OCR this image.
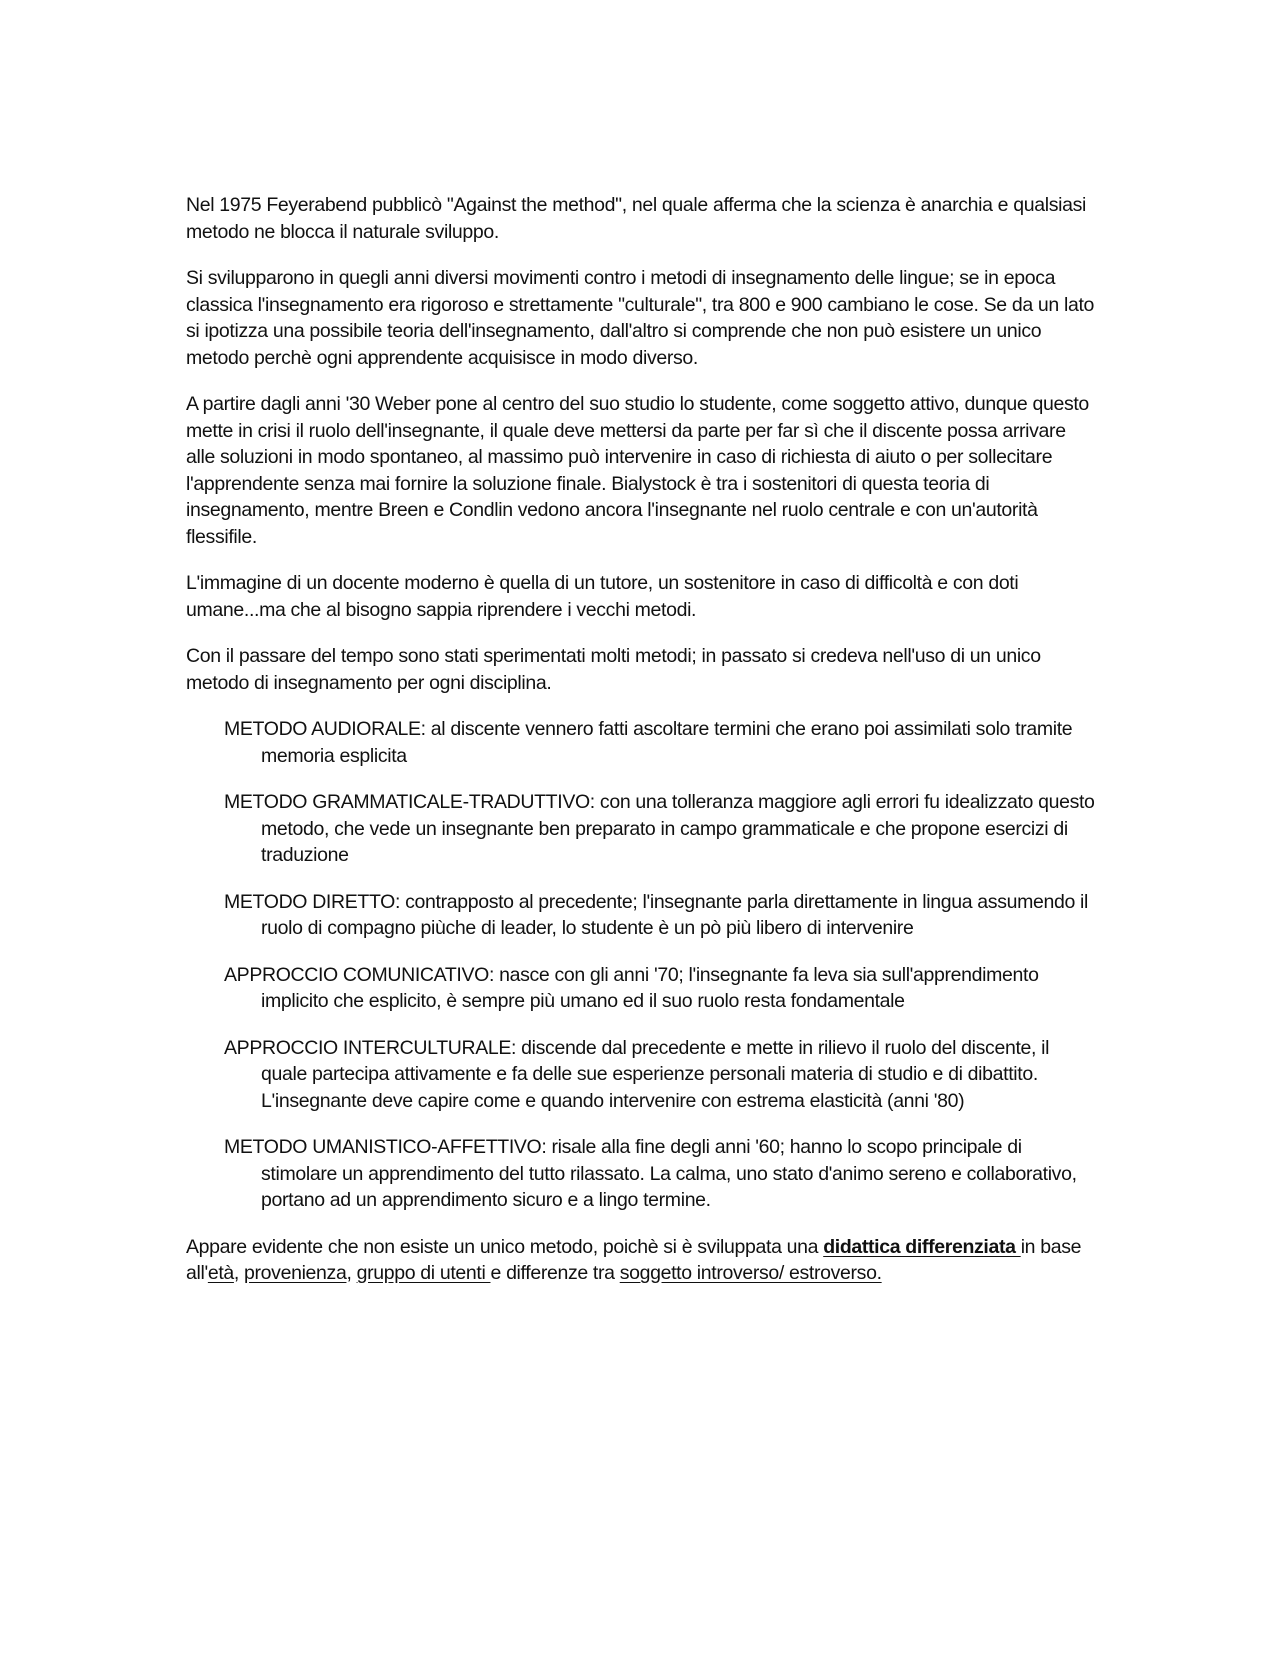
Nel 1975 Feyerabend pubblicò "Against the method", nel quale afferma che la scienza è anarchia e qualsiasi metodo ne blocca il naturale sviluppo.

Si svilupparono in quegli anni diversi movimenti contro i metodi di insegnamento delle lingue; se in epoca classica l'insegnamento era rigoroso e strettamente "culturale", tra 800 e 900 cambiano le cose. Se da un lato si ipotizza una possibile teoria dell'insegnamento, dall'altro si comprende che non può esistere un unico metodo perchè ogni apprendente acquisisce in modo diverso.

A partire dagli anni '30 Weber pone al centro del suo studio lo studente, come soggetto attivo, dunque questo mette in crisi il ruolo dell'insegnante, il quale deve mettersi da parte per far sì che il discente possa arrivare alle soluzioni in modo spontaneo, al massimo può intervenire in caso di richiesta di aiuto o per sollecitare l'apprendente senza mai fornire la soluzione finale. Bialystock è tra i sostenitori di questa teoria di insegnamento, mentre Breen e Condlin vedono ancora l'insegnante nel ruolo centrale e con un'autorità flessifile.

L'immagine di un docente moderno è quella di un tutore, un sostenitore in caso di difficoltà e con doti umane...ma che al bisogno sappia riprendere i vecchi metodi.

Con il passare del tempo sono stati sperimentati molti metodi; in passato si credeva nell'uso di un unico metodo di insegnamento per ogni disciplina.

METODO AUDIORALE: al discente vennero fatti ascoltare termini che erano poi assimilati solo tramite memoria esplicita

METODO GRAMMATICALE-TRADUTTIVO: con una tolleranza maggiore agli errori fu idealizzato questo metodo, che vede un insegnante ben preparato in campo grammaticale e che propone esercizi di traduzione

METODO DIRETTO: contrapposto al precedente; l'insegnante parla direttamente in lingua assumendo il ruolo di compagno piùche di leader, lo studente è un pò più libero di intervenire

APPROCCIO COMUNICATIVO: nasce con gli anni '70; l'insegnante fa leva sia sull'apprendimento implicito che esplicito, è sempre più umano ed il suo ruolo resta fondamentale

APPROCCIO INTERCULTURALE: discende dal precedente e mette in rilievo il ruolo del discente, il quale partecipa attivamente e fa delle sue esperienze personali materia di studio e di dibattito. L'insegnante deve capire come e quando intervenire con estrema elasticità (anni '80)

METODO UMANISTICO-AFFETTIVO: risale alla fine degli anni '60; hanno lo scopo principale di stimolare un apprendimento del tutto rilassato. La calma, uno stato d'animo sereno e collaborativo, portano ad un apprendimento sicuro e a lingo termine.

Appare evidente che non esiste un unico metodo, poichè si è sviluppata una didattica differenziata in base all'età, provenienza, gruppo di utenti e differenze tra soggetto introverso/ estroverso.
